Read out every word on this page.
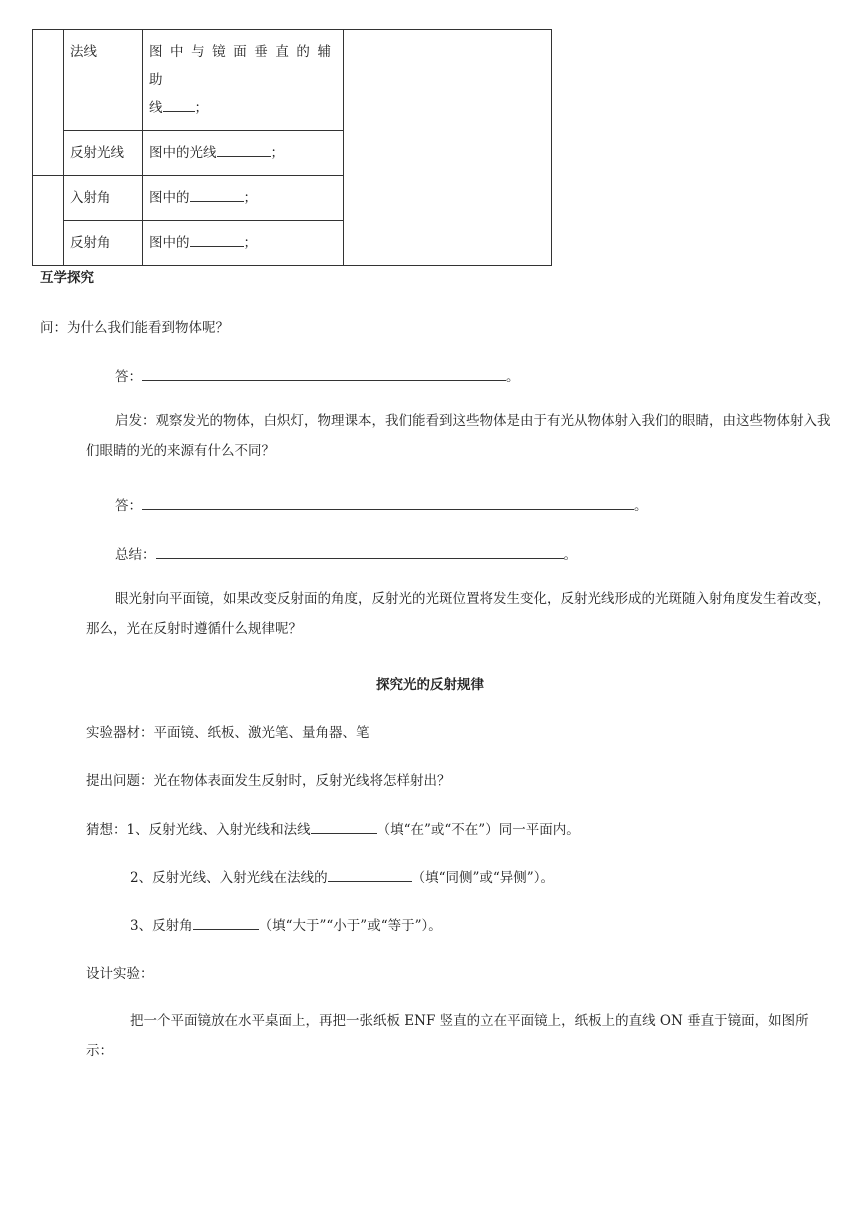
	法线	图中与镜面垂直的辅助
线 ；	

	反射光线	图中的光线 ；	
	入射角	图中的 ；	
	反射角	图中的 ；	
互学探究
问：为什么我们能看到物体呢？
答：	。
启发：观察发光的物体，白炽灯，物理课本，我们能看到这些物体是由于有光从物体射入我们的眼睛，由这些物体射入我们眼睛的光的来源有什么不同？
答：	。
总结：	。
眼光射向平面镜，如果改变反射面的角度，反射光的光斑位置将发生变化，反射光线形成的光斑随入射角度发生着改变，那么，光在反射时遵循什么规律呢？
探究光的反射规律
实验器材：平面镜、纸板、激光笔、量角器、笔
提出问题：光在物体表面发生反射时，反射光线将怎样射出？
猜想：1、反射光线、入射光线和法线	（填“在”或“不在”）同一平面内。
2、反射光线、入射光线在法线的	（填“同侧”或“异侧”）。
3、反射角	（填“大于”“小于”或“等于”）。
设计实验：
把一个平面镜放在水平桌面上，再把一张纸板 ENF 竖直的立在平面镜上，纸板上的直线 ON 垂直于镜面，如图所示：
